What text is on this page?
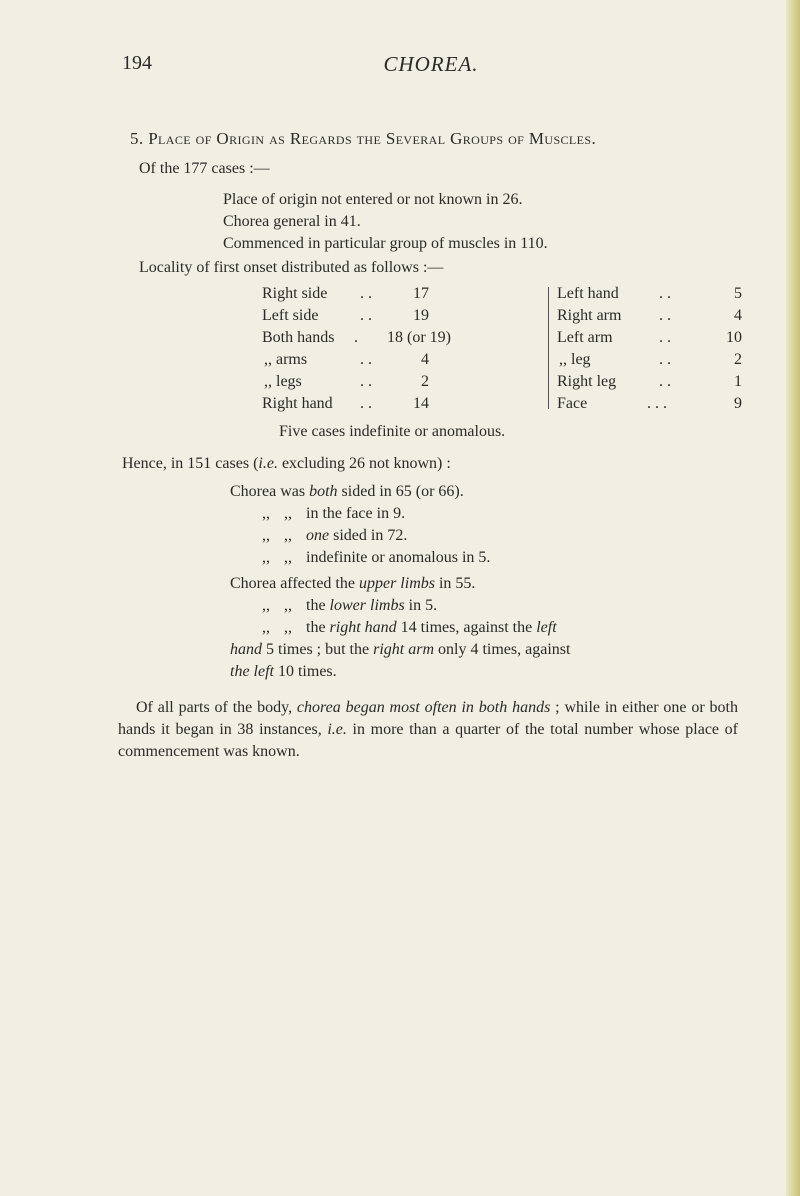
194	CHOREA.
5. Place of Origin as Regards the Several Groups of Muscles.
Of the 177 cases :—
Place of origin not entered or not known in 26.
Chorea general in 41.
Commenced in particular group of muscles in 110.
Locality of first onset distributed as follows :—
Right side . .	17
Left side	. .	19
Both hands . 18 (or 19)
,, arms	. .	4
,, legs	. .	2
Right hand . .	14
Left hand	. .	5
Right arm . .	4
Left arm	. .	10
,, leg	. .	2
Right leg	. .	1
Face	. . .	9
Five cases indefinite or anomalous.
Hence, in 151 cases (i.e. excluding 26 not known) :
Chorea was both sided in 65 (or 66).
,, ,, in the face in 9.
,, ,, one sided in 72.
,, ,, indefinite or anomalous in 5.
Chorea affected the upper limbs in 55.
,, ,, the lower limbs in 5.
,, ,, the right hand 14 times, against the left
hand 5 times ; but the right arm only 4 times, against
the left 10 times.
Of all parts of the body, chorea began most often in both hands ; while in either one or both hands it began in 38 instances, i.e. in more than a quarter of the total number whose place of commencement was known.
